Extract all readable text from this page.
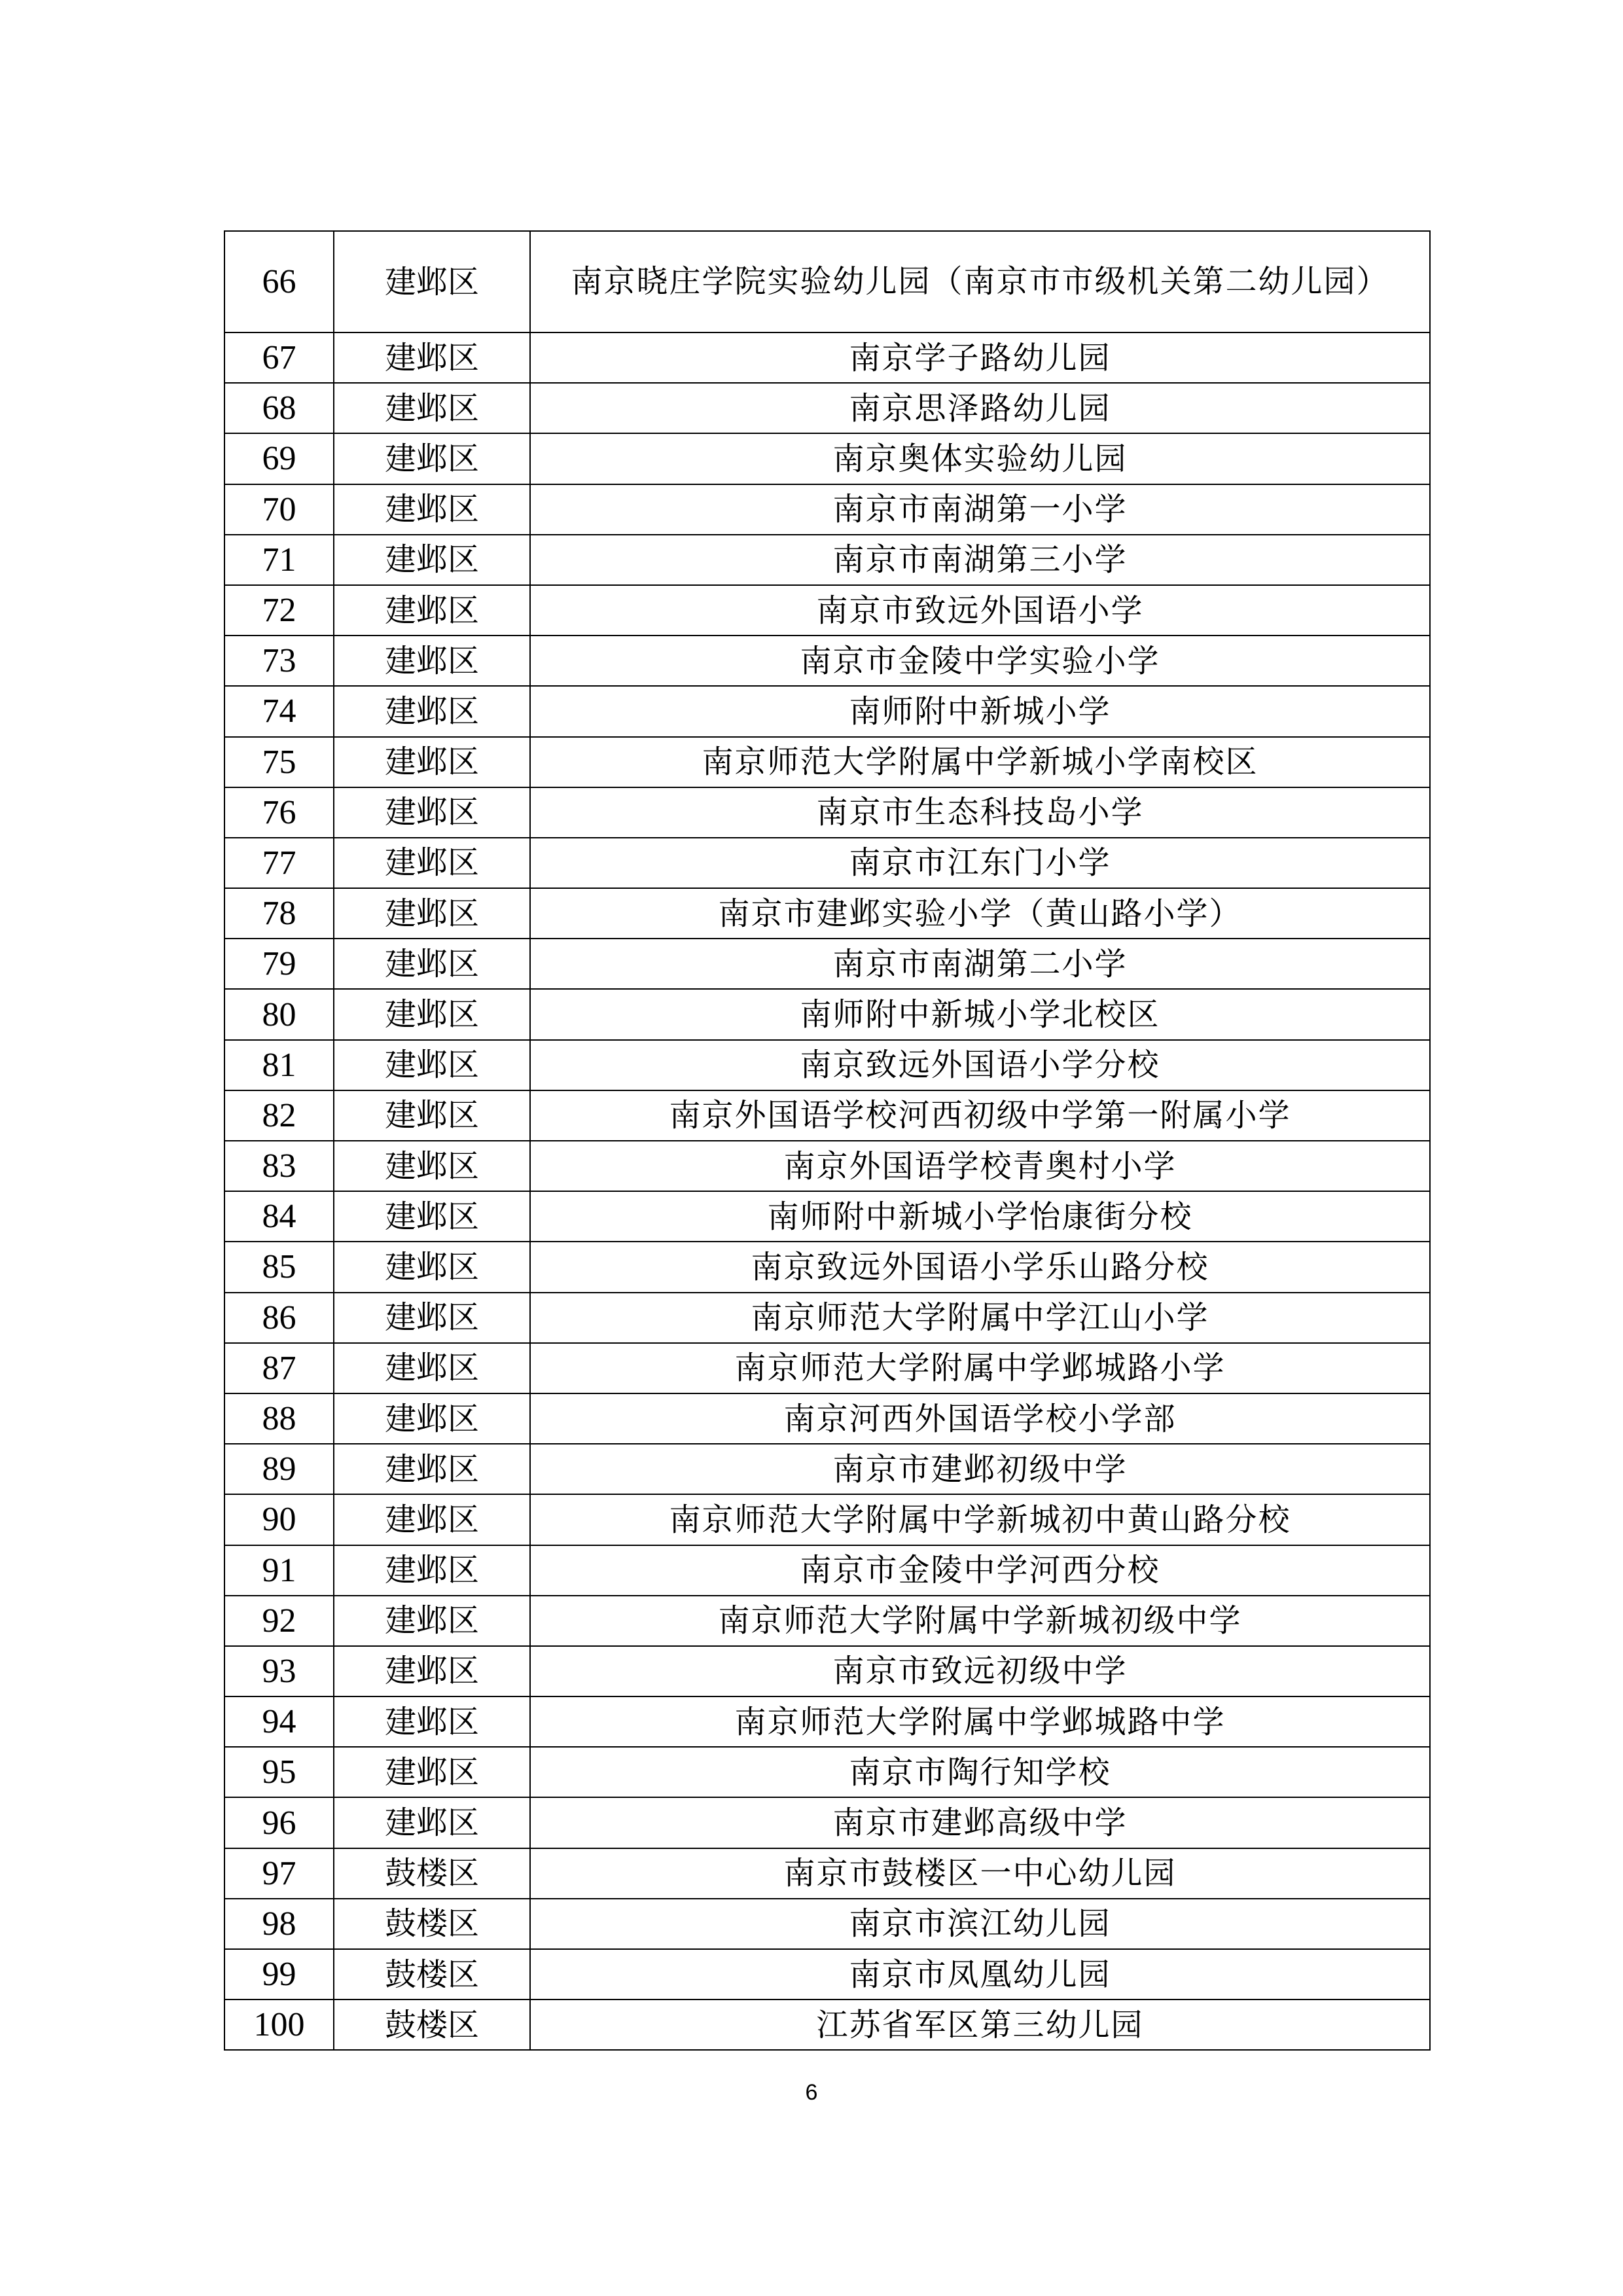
66	建邺区	南京晓庄学院实验幼儿园（南京市市级机关第二幼儿园）
67	建邺区	南京学子路幼儿园
68	建邺区	南京思泽路幼儿园
69	建邺区	南京奥体实验幼儿园
70	建邺区	南京市南湖第一小学
71	建邺区	南京市南湖第三小学
72	建邺区	南京市致远外国语小学
73	建邺区	南京市金陵中学实验小学
74	建邺区	南师附中新城小学
75	建邺区	南京师范大学附属中学新城小学南校区
76	建邺区	南京市生态科技岛小学
77	建邺区	南京市江东门小学
78	建邺区	南京市建邺实验小学（黄山路小学）
79	建邺区	南京市南湖第二小学
80	建邺区	南师附中新城小学北校区
81	建邺区	南京致远外国语小学分校
82	建邺区	南京外国语学校河西初级中学第一附属小学
83	建邺区	南京外国语学校青奥村小学
84	建邺区	南师附中新城小学怡康街分校
85	建邺区	南京致远外国语小学乐山路分校
86	建邺区	南京师范大学附属中学江山小学
87	建邺区	南京师范大学附属中学邺城路小学
88	建邺区	南京河西外国语学校小学部
89	建邺区	南京市建邺初级中学
90	建邺区	南京师范大学附属中学新城初中黄山路分校
91	建邺区	南京市金陵中学河西分校
92	建邺区	南京师范大学附属中学新城初级中学
93	建邺区	南京市致远初级中学
94	建邺区	南京师范大学附属中学邺城路中学
95	建邺区	南京市陶行知学校
96	建邺区	南京市建邺高级中学
97	鼓楼区	南京市鼓楼区一中心幼儿园
98	鼓楼区	南京市滨江幼儿园
99	鼓楼区	南京市凤凰幼儿园
100	鼓楼区	江苏省军区第三幼儿园
6
